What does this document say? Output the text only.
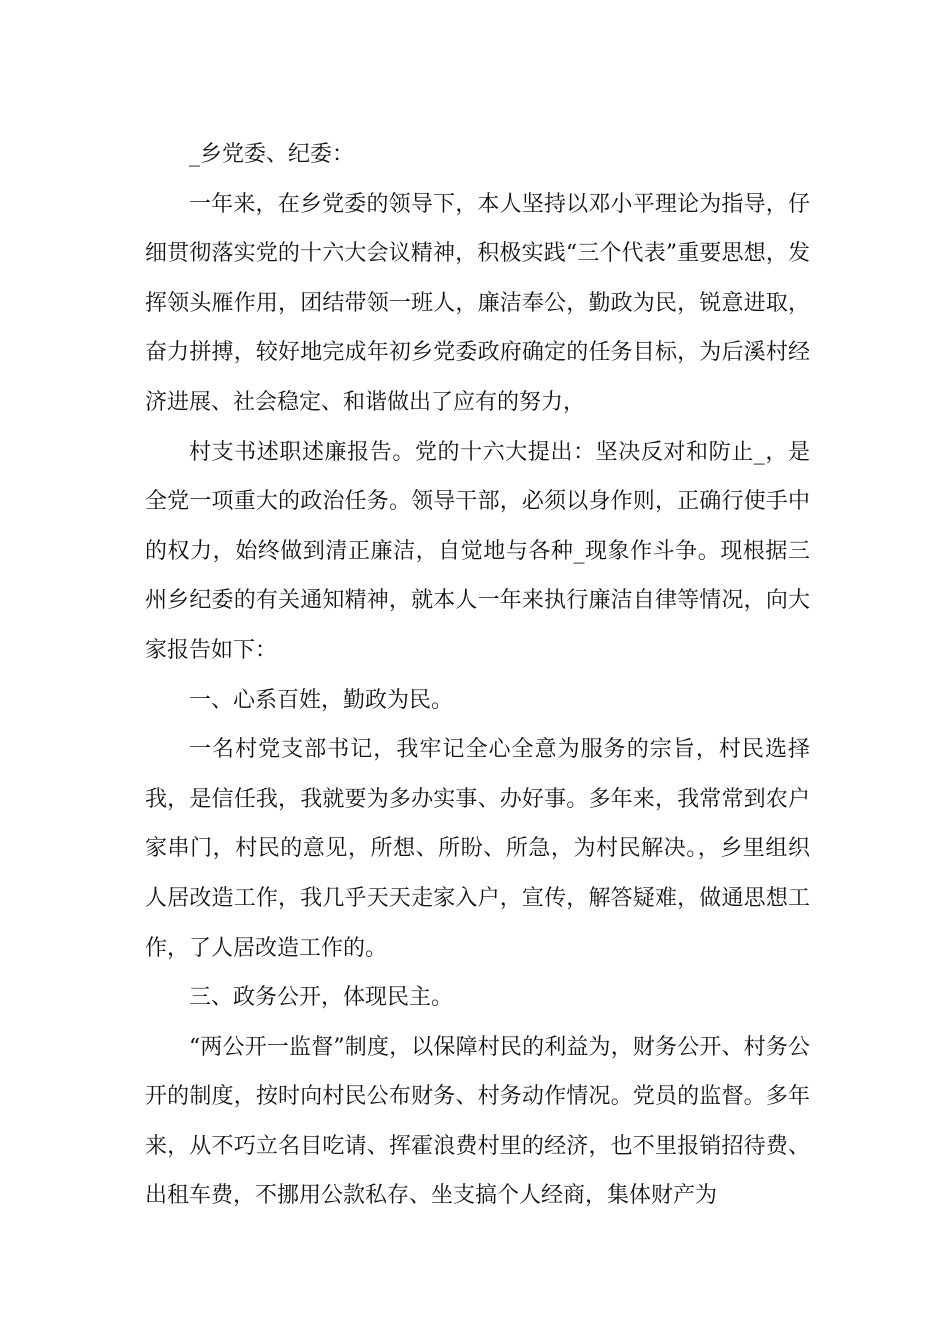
_乡党委、纪委：

一年来，在乡党委的领导下，本人坚持以邓小平理论为指导，仔细贯彻落实党的十六大会议精神，积极实践“三个代表”重要思想，发挥领头雁作用，团结带领一班人，廉洁奉公，勤政为民，锐意进取，奋力拼搏，较好地完成年初乡党委政府确定的任务目标，为后溪村经济进展、社会稳定、和谐做出了应有的努力，

村支书述职述廉报告。党的十六大提出：坚决反对和防止_，是全党一项重大的政治任务。领导干部，必须以身作则，正确行使手中的权力，始终做到清正廉洁，自觉地与各种_现象作斗争。现根据三州乡纪委的有关通知精神，就本人一年来执行廉洁自律等情况，向大家报告如下：

一、心系百姓，勤政为民。

一名村党支部书记，我牢记全心全意为服务的宗旨，村民选择我，是信任我，我就要为多办实事、办好事。多年来，我常常到农户家串门，村民的意见，所想、所盼、所急，为村民解决。，乡里组织人居改造工作，我几乎天天走家入户，宣传，解答疑难，做通思想工作，了人居改造工作的。

三、政务公开，体现民主。

“两公开一监督”制度，以保障村民的利益为，财务公开、村务公开的制度，按时向村民公布财务、村务动作情况。党员的监督。多年来，从不巧立名目吃请、挥霍浪费村里的经济，也不里报销招待费、出租车费，不挪用公款私存、坐支搞个人经商，集体财产为
